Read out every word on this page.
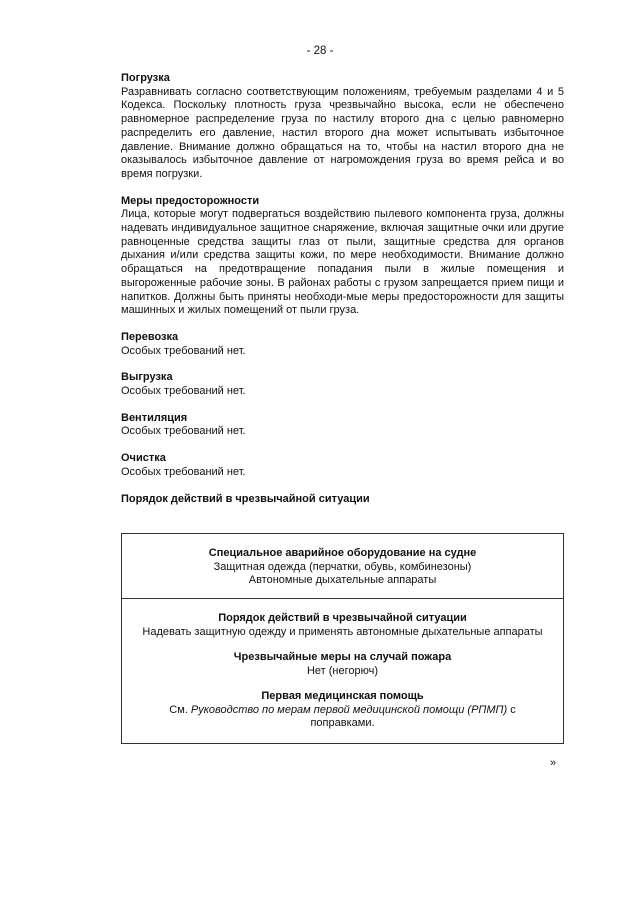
- 28 -
Погрузка
Разравнивать согласно соответствующим положениям, требуемым разделами 4 и 5 Кодекса. Поскольку плотность груза чрезвычайно высока, если не обеспечено равномерное распределение груза по настилу второго дна с целью равномерно распределить его давление, настил второго дна может испытывать избыточное давление. Внимание должно обращаться на то, чтобы на настил второго дна не оказывалось избыточное давление от нагромождения груза во время рейса и во время погрузки.
Меры предосторожности
Лица, которые могут подвергаться воздействию пылевого компонента груза, должны надевать индивидуальное защитное снаряжение, включая защитные очки или другие равноценные средства защиты глаз от пыли, защитные средства для органов дыхания и/или средства защиты кожи, по мере необходимости. Внимание должно обращаться на предотвращение попадания пыли в жилые помещения и выгороженные рабочие зоны. В районах работы с грузом запрещается прием пищи и напитков. Должны быть приняты необходи-мые меры предосторожности для защиты машинных и жилых помещений от пыли груза.
Перевозка
Особых требований нет.
Выгрузка
Особых требований нет.
Вентиляция
Особых требований нет.
Очистка
Особых требований нет.
Порядок действий в чрезвычайной ситуации
Специальное аварийное оборудование на судне
Защитная одежда (перчатки, обувь, комбинезоны)
Автономные дыхательные аппараты
Порядок действий в чрезвычайной ситуации
Надевать защитную одежду и применять автономные дыхательные аппараты
Чрезвычайные меры на случай пожара
Нет (негорюч)
Первая медицинская помощь
См. Руководство по мерам первой медицинской помощи (РПМП) с поправками.
»
